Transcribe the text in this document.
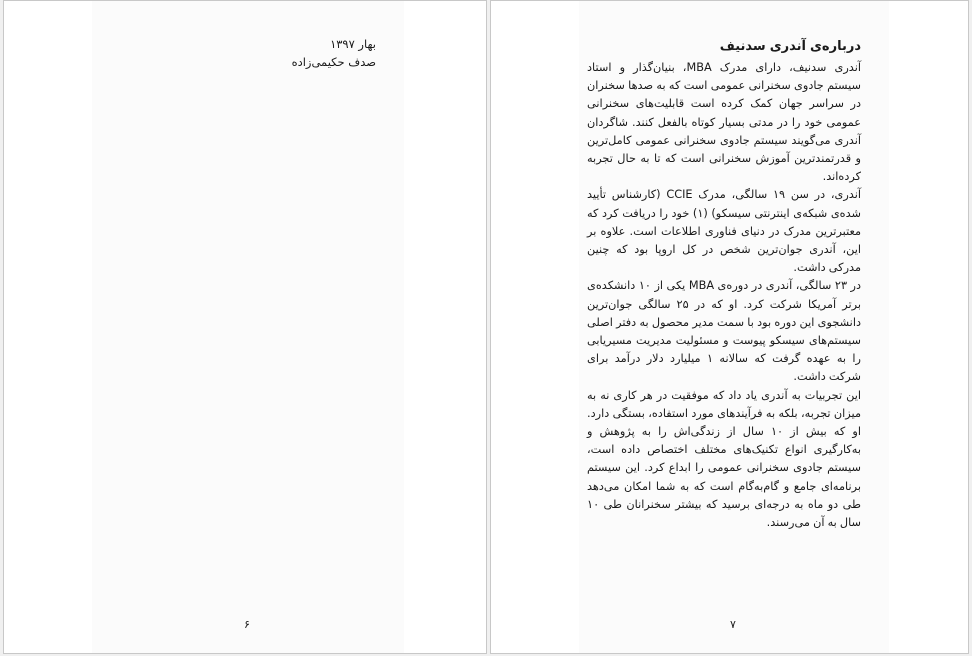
بهار ۱۳۹۷
صدف حکیمی‌زاده
۶
درباره‌ی آندری سدنیف

آندری سدنیف، دارای مدرک MBA، بنیان‌گذار و استاد سیستم جادوی سخنرانی عمومی است که به صدها سخنران در سراسر جهان کمک کرده است قابلیت‌های سخنرانی عمومی خود را در مدتی بسیار کوتاه بالفعل کنند. شاگردان آندری می‌گویند سیستم جادوی سخنرانی عمومی کامل‌ترین و قدرتمندترین آموزش سخنرانی است که تا به حال تجربه کرده‌اند.

آندری، در سن ۱۹ سالگی، مدرک CCIE (کارشناس تأیید شده‌ی شبکه‌ی اینترنتی سیسکو) (۱) خود را دریافت کرد که معتبرترین مدرک در دنیای فناوری اطلاعات است. علاوه بر این، آندری جوان‌ترین شخص در کل اروپا بود که چنین مدرکی داشت.

در ۲۳ سالگی، آندری در دوره‌ی MBA یکی از ۱۰ دانشکده‌ی برتر آمریکا شرکت کرد. او که در ۲۵ سالگی جوان‌ترین دانشجوی این دوره بود با سمت مدیر محصول به دفتر اصلی سیستم‌های سیسکو پیوست و مسئولیت مدیریت مسیریابی را به عهده گرفت که سالانه ۱ میلیارد دلار درآمد برای شرکت داشت.

این تجربیات به آندری یاد داد که موفقیت در هر کاری نه به میزان تجربه، بلکه به فرآیندهای مورد استفاده، بستگی دارد. او که بیش از ۱۰ سال از زندگی‌اش را به پژوهش و به‌کارگیری انواع تکنیک‌های مختلف اختصاص داده است، سیستم جادوی سخنرانی عمومی را ابداع کرد. این سیستم برنامه‌ای جامع و گام‌به‌گام است که به شما امکان می‌دهد طی دو ماه به درجه‌ای برسید که بیشتر سخنرانان طی ۱۰ سال به آن می‌رسند.

۷
